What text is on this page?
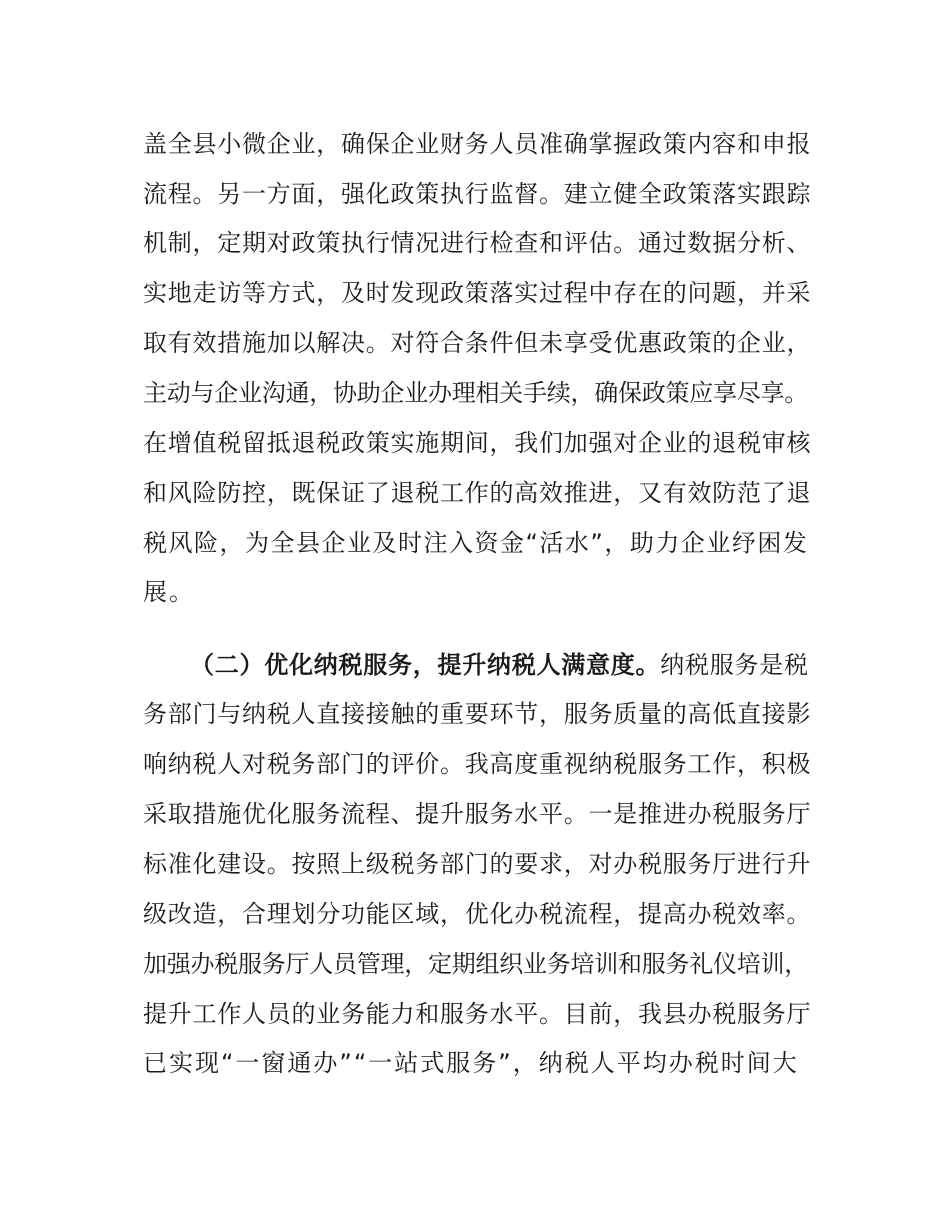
盖全县小微企业，确保企业财务人员准确掌握政策内容和申报
流程。另一方面，强化政策执行监督。建立健全政策落实跟踪
机制，定期对政策执行情况进行检查和评估。通过数据分析、
实地走访等方式，及时发现政策落实过程中存在的问题，并采
取有效措施加以解决。对符合条件但未享受优惠政策的企业，
主动与企业沟通，协助企业办理相关手续，确保政策应享尽享。
在增值税留抵退税政策实施期间，我们加强对企业的退税审核
和风险防控，既保证了退税工作的高效推进，又有效防范了退
税风险，为全县企业及时注入资金“活水”，助力企业纾困发
展。
（二）优化纳税服务，提升纳税人满意度。纳税服务是税
务部门与纳税人直接接触的重要环节，服务质量的高低直接影
响纳税人对税务部门的评价。我高度重视纳税服务工作，积极
采取措施优化服务流程、提升服务水平。一是推进办税服务厅
标准化建设。按照上级税务部门的要求，对办税服务厅进行升
级改造，合理划分功能区域，优化办税流程，提高办税效率。
加强办税服务厅人员管理，定期组织业务培训和服务礼仪培训，
提升工作人员的业务能力和服务水平。目前，我县办税服务厅
已实现“一窗通办”“一站式服务”，纳税人平均办税时间大
